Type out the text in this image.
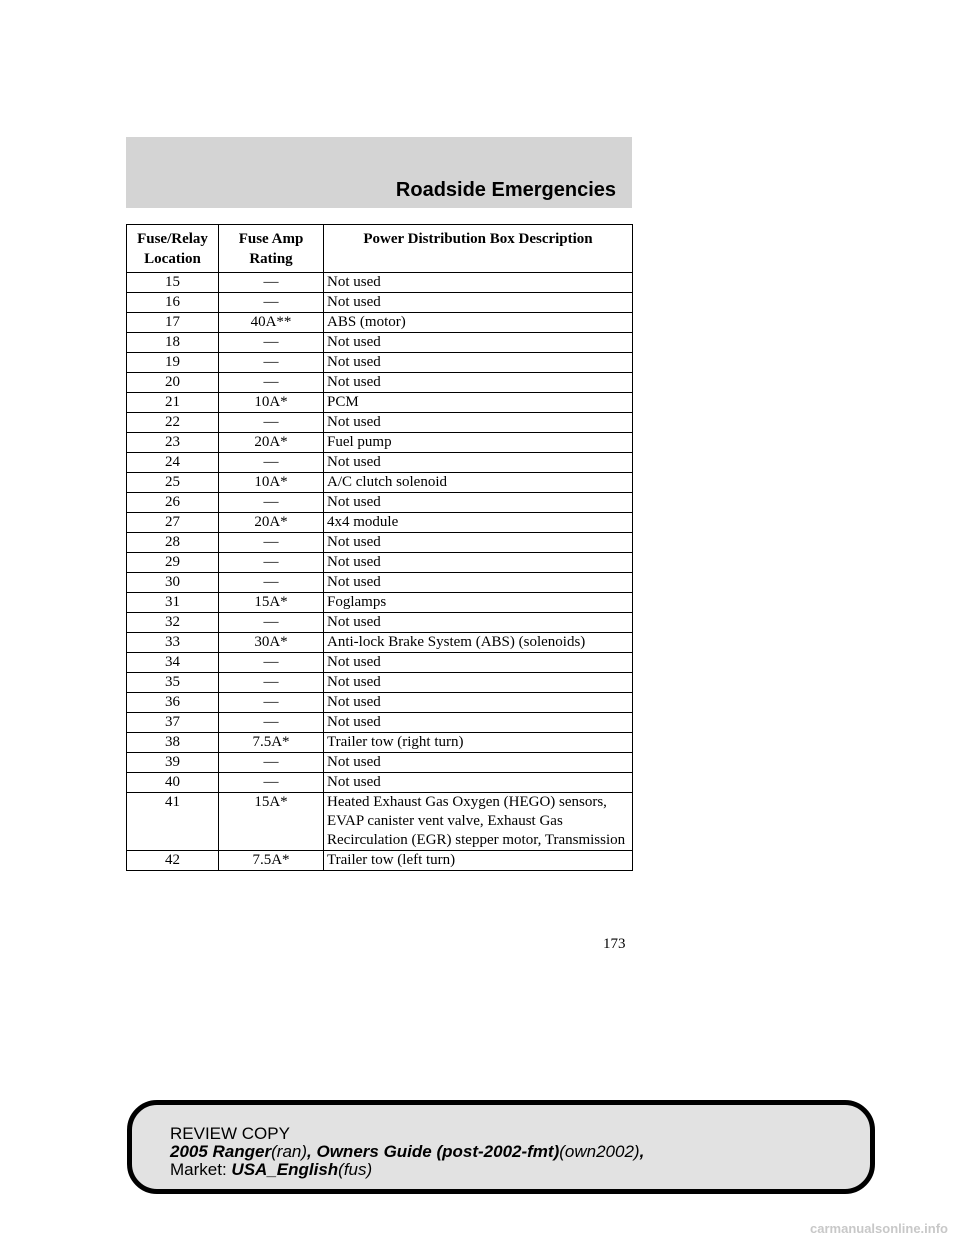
Roadside Emergencies
Fuse/Relay Location	Fuse Amp Rating	Power Distribution Box Description
15	—	Not used
16	—	Not used
17	40A**	ABS (motor)
18	—	Not used
19	—	Not used
20	—	Not used
21	10A*	PCM
22	—	Not used
23	20A*	Fuel pump
24	—	Not used
25	10A*	A/C clutch solenoid
26	—	Not used
27	20A*	4x4 module
28	—	Not used
29	—	Not used
30	—	Not used
31	15A*	Foglamps
32	—	Not used
33	30A*	Anti-lock Brake System (ABS) (solenoids)
34	—	Not used
35	—	Not used
36	—	Not used
37	—	Not used
38	7.5A*	Trailer tow (right turn)
39	—	Not used
40	—	Not used
41	15A*	Heated Exhaust Gas Oxygen (HEGO) sensors, EVAP canister vent valve, Exhaust Gas Recirculation (EGR) stepper motor, Transmission
42	7.5A*	Trailer tow (left turn)
173
REVIEW COPY
2005 Ranger(ran), Owners Guide (post-2002-fmt)(own2002),
Market: USA_English(fus)
carmanualsonline.info
